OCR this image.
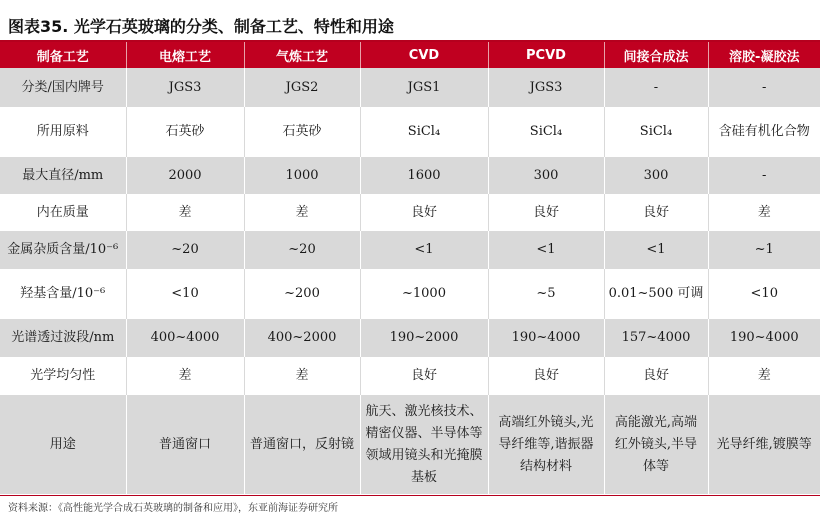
图表35. 光学石英玻璃的分类、制备工艺、特性和用途
制备工艺	电熔工艺	气炼工艺	CVD	PCVD	间接合成法	溶胶-凝胶法
分类/国内牌号	JGS3	JGS2	JGS1	JGS3	-	-
所用原料	石英砂	石英砂	SiCl₄	SiCl₄	SiCl₄	含硅有机化合物
最大直径/mm	2000	1000	1600	300	300	-
内在质量	差	差	良好	良好	良好	差
金属杂质含量/10⁻⁶	~20	~20	<1	<1	<1	~1
羟基含量/10⁻⁶	<10	~200	~1000	~5	0.01~500 可调	<10
光谱透过波段/nm	400~4000	400~2000	190~2000	190~4000	157~4000	190~4000
光学均匀性	差	差	良好	良好	良好	差
用途	普通窗口	普通窗口，反射镜	航天、激光核技术、精密仪器、半导体等领域用镜头和光掩膜基板	高端红外镜头,光导纤维等,谐振器结构材料	高能激光,高端红外镜头,半导体等	光导纤维,镀膜等
资料来源：《高性能光学合成石英玻璃的制备和应用》，东亚前海证券研究所
